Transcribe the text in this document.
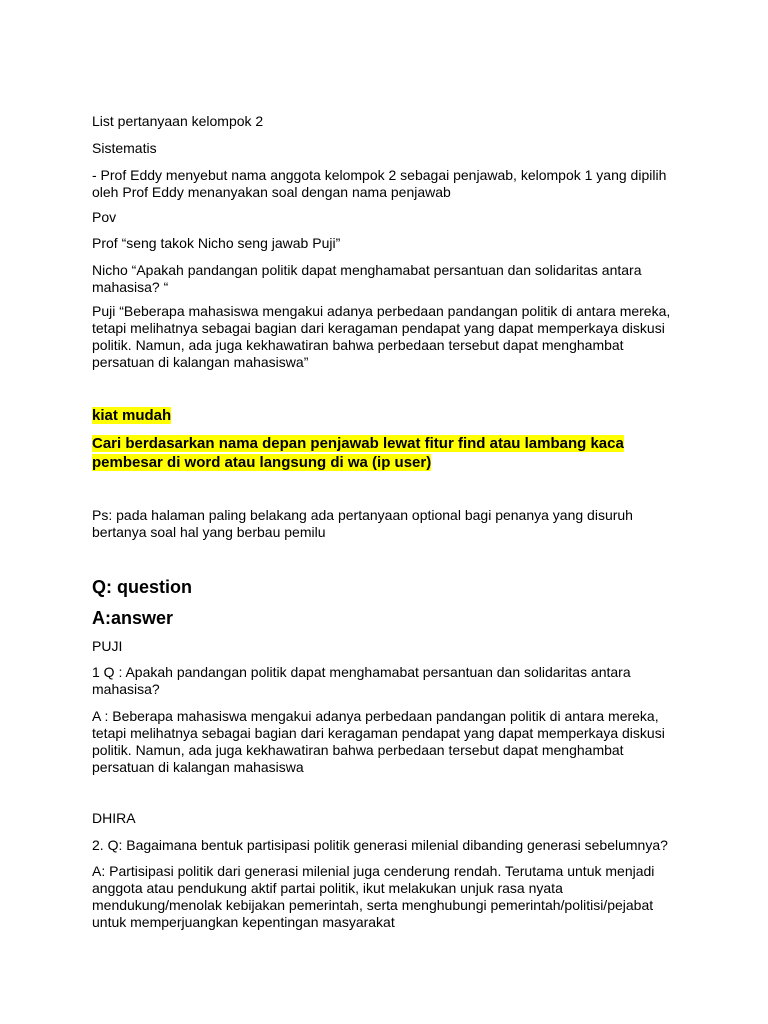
List pertanyaan kelompok 2
Sistematis
- Prof Eddy menyebut nama anggota kelompok 2 sebagai penjawab, kelompok 1 yang dipilih
oleh Prof Eddy menanyakan soal dengan nama penjawab
Pov
Prof “seng takok Nicho seng jawab Puji”
Nicho “Apakah pandangan politik dapat menghamabat persantuan dan solidaritas antara
mahasisa? “
Puji “Beberapa mahasiswa mengakui adanya perbedaan pandangan politik di antara mereka,
tetapi melihatnya sebagai bagian dari keragaman pendapat yang dapat memperkaya diskusi
politik. Namun, ada juga kekhawatiran bahwa perbedaan tersebut dapat menghambat
persatuan di kalangan mahasiswa”
kiat mudah
Cari berdasarkan nama depan penjawab lewat fitur find atau lambang kaca
pembesar di word atau langsung di wa (ip user)
Ps: pada halaman paling belakang ada pertanyaan optional bagi penanya yang disuruh
bertanya soal hal yang berbau pemilu
Q: question
A:answer
PUJI
1 Q : Apakah pandangan politik dapat menghamabat persantuan dan solidaritas antara
mahasisa?
A : Beberapa mahasiswa mengakui adanya perbedaan pandangan politik di antara mereka,
tetapi melihatnya sebagai bagian dari keragaman pendapat yang dapat memperkaya diskusi
politik. Namun, ada juga kekhawatiran bahwa perbedaan tersebut dapat menghambat
persatuan di kalangan mahasiswa
DHIRA
2. Q: Bagaimana bentuk partisipasi politik generasi milenial dibanding generasi sebelumnya?
A: Partisipasi politik dari generasi milenial juga cenderung rendah. Terutama untuk menjadi
anggota atau pendukung aktif partai politik, ikut melakukan unjuk rasa nyata
mendukung/menolak kebijakan pemerintah, serta menghubungi pemerintah/politisi/pejabat
untuk memperjuangkan kepentingan masyarakat
